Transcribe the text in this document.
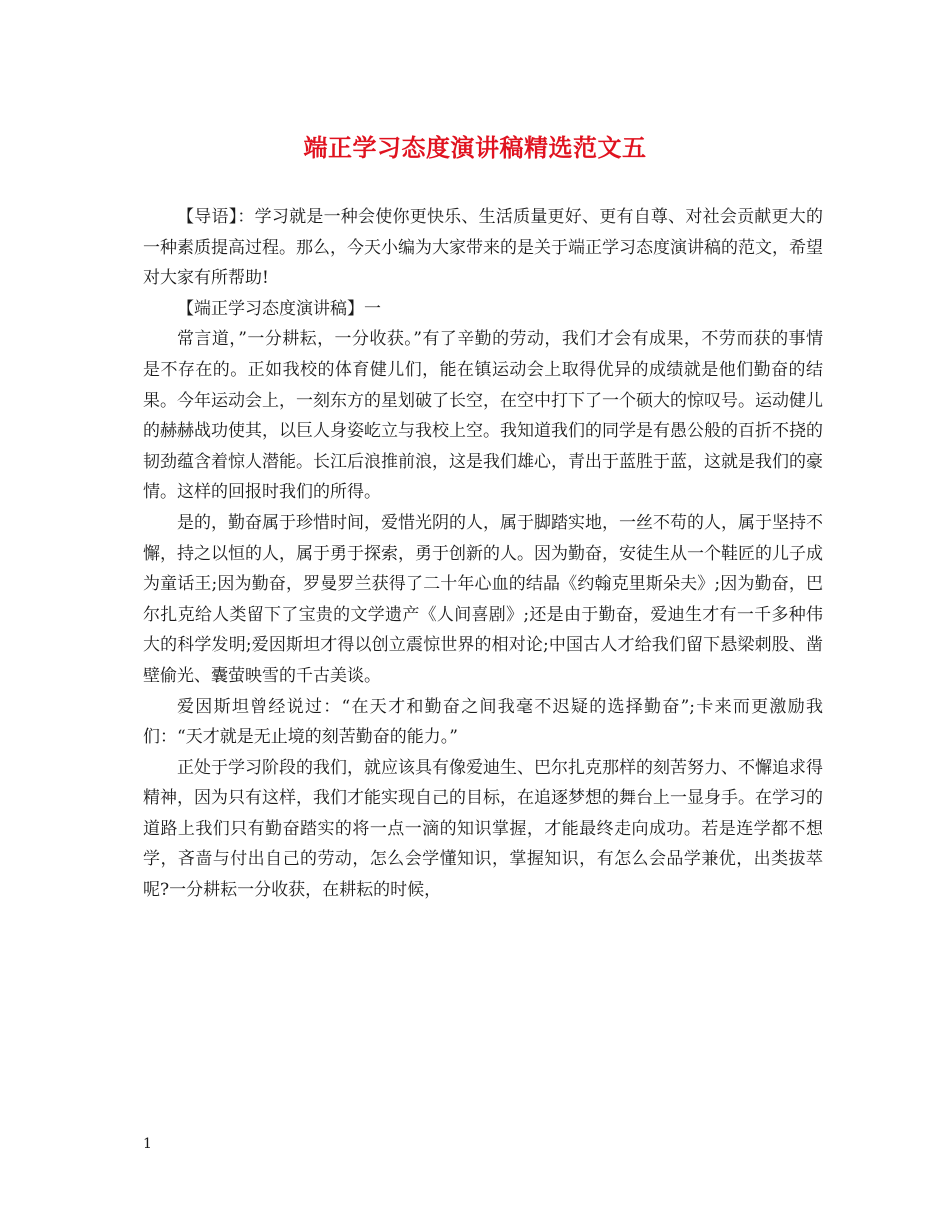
端正学习态度演讲稿精选范文五

【导语】：学习就是一种会使你更快乐、生活质量更好、更有自尊、对社会贡献更大的一种素质提高过程。那么，今天小编为大家带来的是关于端正学习态度演讲稿的范文，希望对大家有所帮助!

【端正学习态度演讲稿】一

常言道，”一分耕耘，一分收获。”有了辛勤的劳动，我们才会有成果，不劳而获的事情是不存在的。正如我校的体育健儿们，能在镇运动会上取得优异的成绩就是他们勤奋的结果。今年运动会上，一刻东方的星划破了长空，在空中打下了一个硕大的惊叹号。运动健儿的赫赫战功使其，以巨人身姿屹立与我校上空。我知道我们的同学是有愚公般的百折不挠的韧劲蕴含着惊人潜能。长江后浪推前浪，这是我们雄心，青出于蓝胜于蓝，这就是我们的豪情。这样的回报时我们的所得。

是的，勤奋属于珍惜时间，爱惜光阴的人，属于脚踏实地，一丝不苟的人，属于坚持不懈，持之以恒的人，属于勇于探索，勇于创新的人。因为勤奋，安徒生从一个鞋匠的儿子成为童话王;因为勤奋，罗曼罗兰获得了二十年心血的结晶《约翰克里斯朵夫》;因为勤奋，巴尔扎克给人类留下了宝贵的文学遗产《人间喜剧》;还是由于勤奋，爱迪生才有一千多种伟大的科学发明;爱因斯坦才得以创立震惊世界的相对论;中国古人才给我们留下悬梁刺股、凿壁偷光、囊萤映雪的千古美谈。

爱因斯坦曾经说过：“在天才和勤奋之间我毫不迟疑的选择勤奋”;卡来而更激励我们：“天才就是无止境的刻苦勤奋的能力。”

正处于学习阶段的我们，就应该具有像爱迪生、巴尔扎克那样的刻苦努力、不懈追求得精神，因为只有这样，我们才能实现自己的目标，在追逐梦想的舞台上一显身手。在学习的道路上我们只有勤奋踏实的将一点一滴的知识掌握，才能最终走向成功。若是连学都不想学，吝啬与付出自己的劳动，怎么会学懂知识，掌握知识，有怎么会品学兼优，出类拔萃呢?一分耕耘一分收获，在耕耘的时候，

1
